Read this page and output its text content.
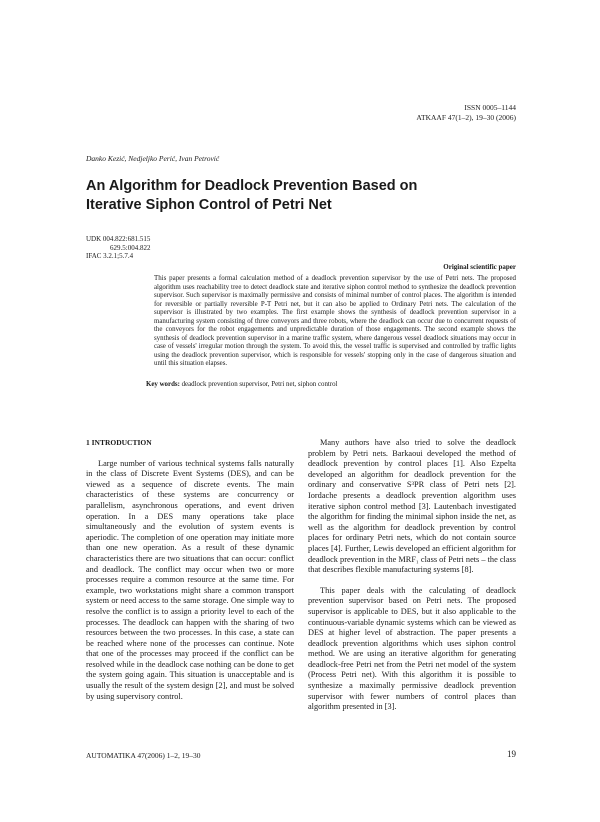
ISSN 0005–1144
ATKAAF 47(1–2), 19–30 (2006)
Danko Kezić, Nedjeljko Perić, Ivan Petrović
An Algorithm for Deadlock Prevention Based on
Iterative Siphon Control of Petri Net
UDK 004.822:681.515
629.5:004.822
IFAC 3.2.1;5.7.4
Original scientific paper
This paper presents a formal calculation method of a deadlock prevention supervisor by the use of Petri nets. The proposed algorithm uses reachability tree to detect deadlock state and iterative siphon control method to synthesize the deadlock prevention supervisor. Such supervisor is maximally permissive and consists of minimal number of control places. The algorithm is intended for reversible or partially reversible P-T Petri net, but it can also be applied to Ordinary Petri nets. The calculation of the supervisor is illustrated by two examples. The first example shows the synthesis of deadlock prevention supervisor in a manufacturing system consisting of three conveyors and three robots, where the deadlock can occur due to concurrent requests of the conveyors for the robot engagements and unpredictable duration of those engagements. The second example shows the synthesis of deadlock prevention supervisor in a marine traffic system, where dangerous vessel deadlock situations may occur in case of vessels' irregular motion through the system. To avoid this, the vessel traffic is supervised and controlled by traffic lights using the deadlock prevention supervisor, which is responsible for vessels' stopping only in the case of dangerous situation and until this situation elapses.
Key words: deadlock prevention supervisor, Petri net, siphon control

1 INTRODUCTION

Large number of various technical systems falls naturally in the class of Discrete Event Systems (DES), and can be viewed as a sequence of discrete events. The main characteristics of these systems are concurrency or parallelism, asynchronous operations, and event driven operation. In a DES many operations take place simultaneously and the evolution of system events is aperiodic. The completion of one operation may initiate more than one new operation. As a result of these dynamic characteristics there are two situations that can occur: conflict and deadlock. The conflict may occur when two or more processes require a common resource at the same time. For example, two workstations might share a common transport system or need access to the same storage. One simple way to resolve the conflict is to assign a priority level to each of the processes. The deadlock can happen with the sharing of two resources between the two processes. In this case, a state can be reached where none of the processes can continue. Note that one of the processes may proceed if the conflict can be resolved while in the deadlock case nothing can be done to get the system going again. This situation is unacceptable and is usually the result of the system design [2], and must be solved by using supervisory control.

Many authors have also tried to solve the deadlock problem by Petri nets. Barkaoui developed the method of deadlock prevention by control places [1]. Also Ezpelta developed an algorithm for deadlock prevention for the ordinary and conservative S³PR class of Petri nets [2]. Iordache presents a deadlock prevention algorithm uses iterative siphon control method [3]. Lautenbach investigated the algorithm for finding the minimal siphon inside the net, as well as the algorithm for deadlock prevention by control places for ordinary Petri nets, which do not contain source places [4]. Further, Lewis developed an efficient algorithm for deadlock prevention in the MRF₁ class of Petri nets – the class that describes flexible manufacturing systems [8].

This paper deals with the calculating of deadlock prevention supervisor based on Petri nets. The proposed supervisor is applicable to DES, but it also applicable to the continuous-variable dynamic systems which can be viewed as DES at higher level of abstraction. The paper presents a deadlock prevention algorithms which uses siphon control method. We are using an iterative algorithm for generating deadlock-free Petri net from the Petri net model of the system (Process Petri net). With this algorithm it is possible to synthesize a maximally permissive deadlock prevention supervisor with fewer numbers of control places than algorithm presented in [3].

AUTOMATIKA 47(2006) 1–2, 19–30	19
